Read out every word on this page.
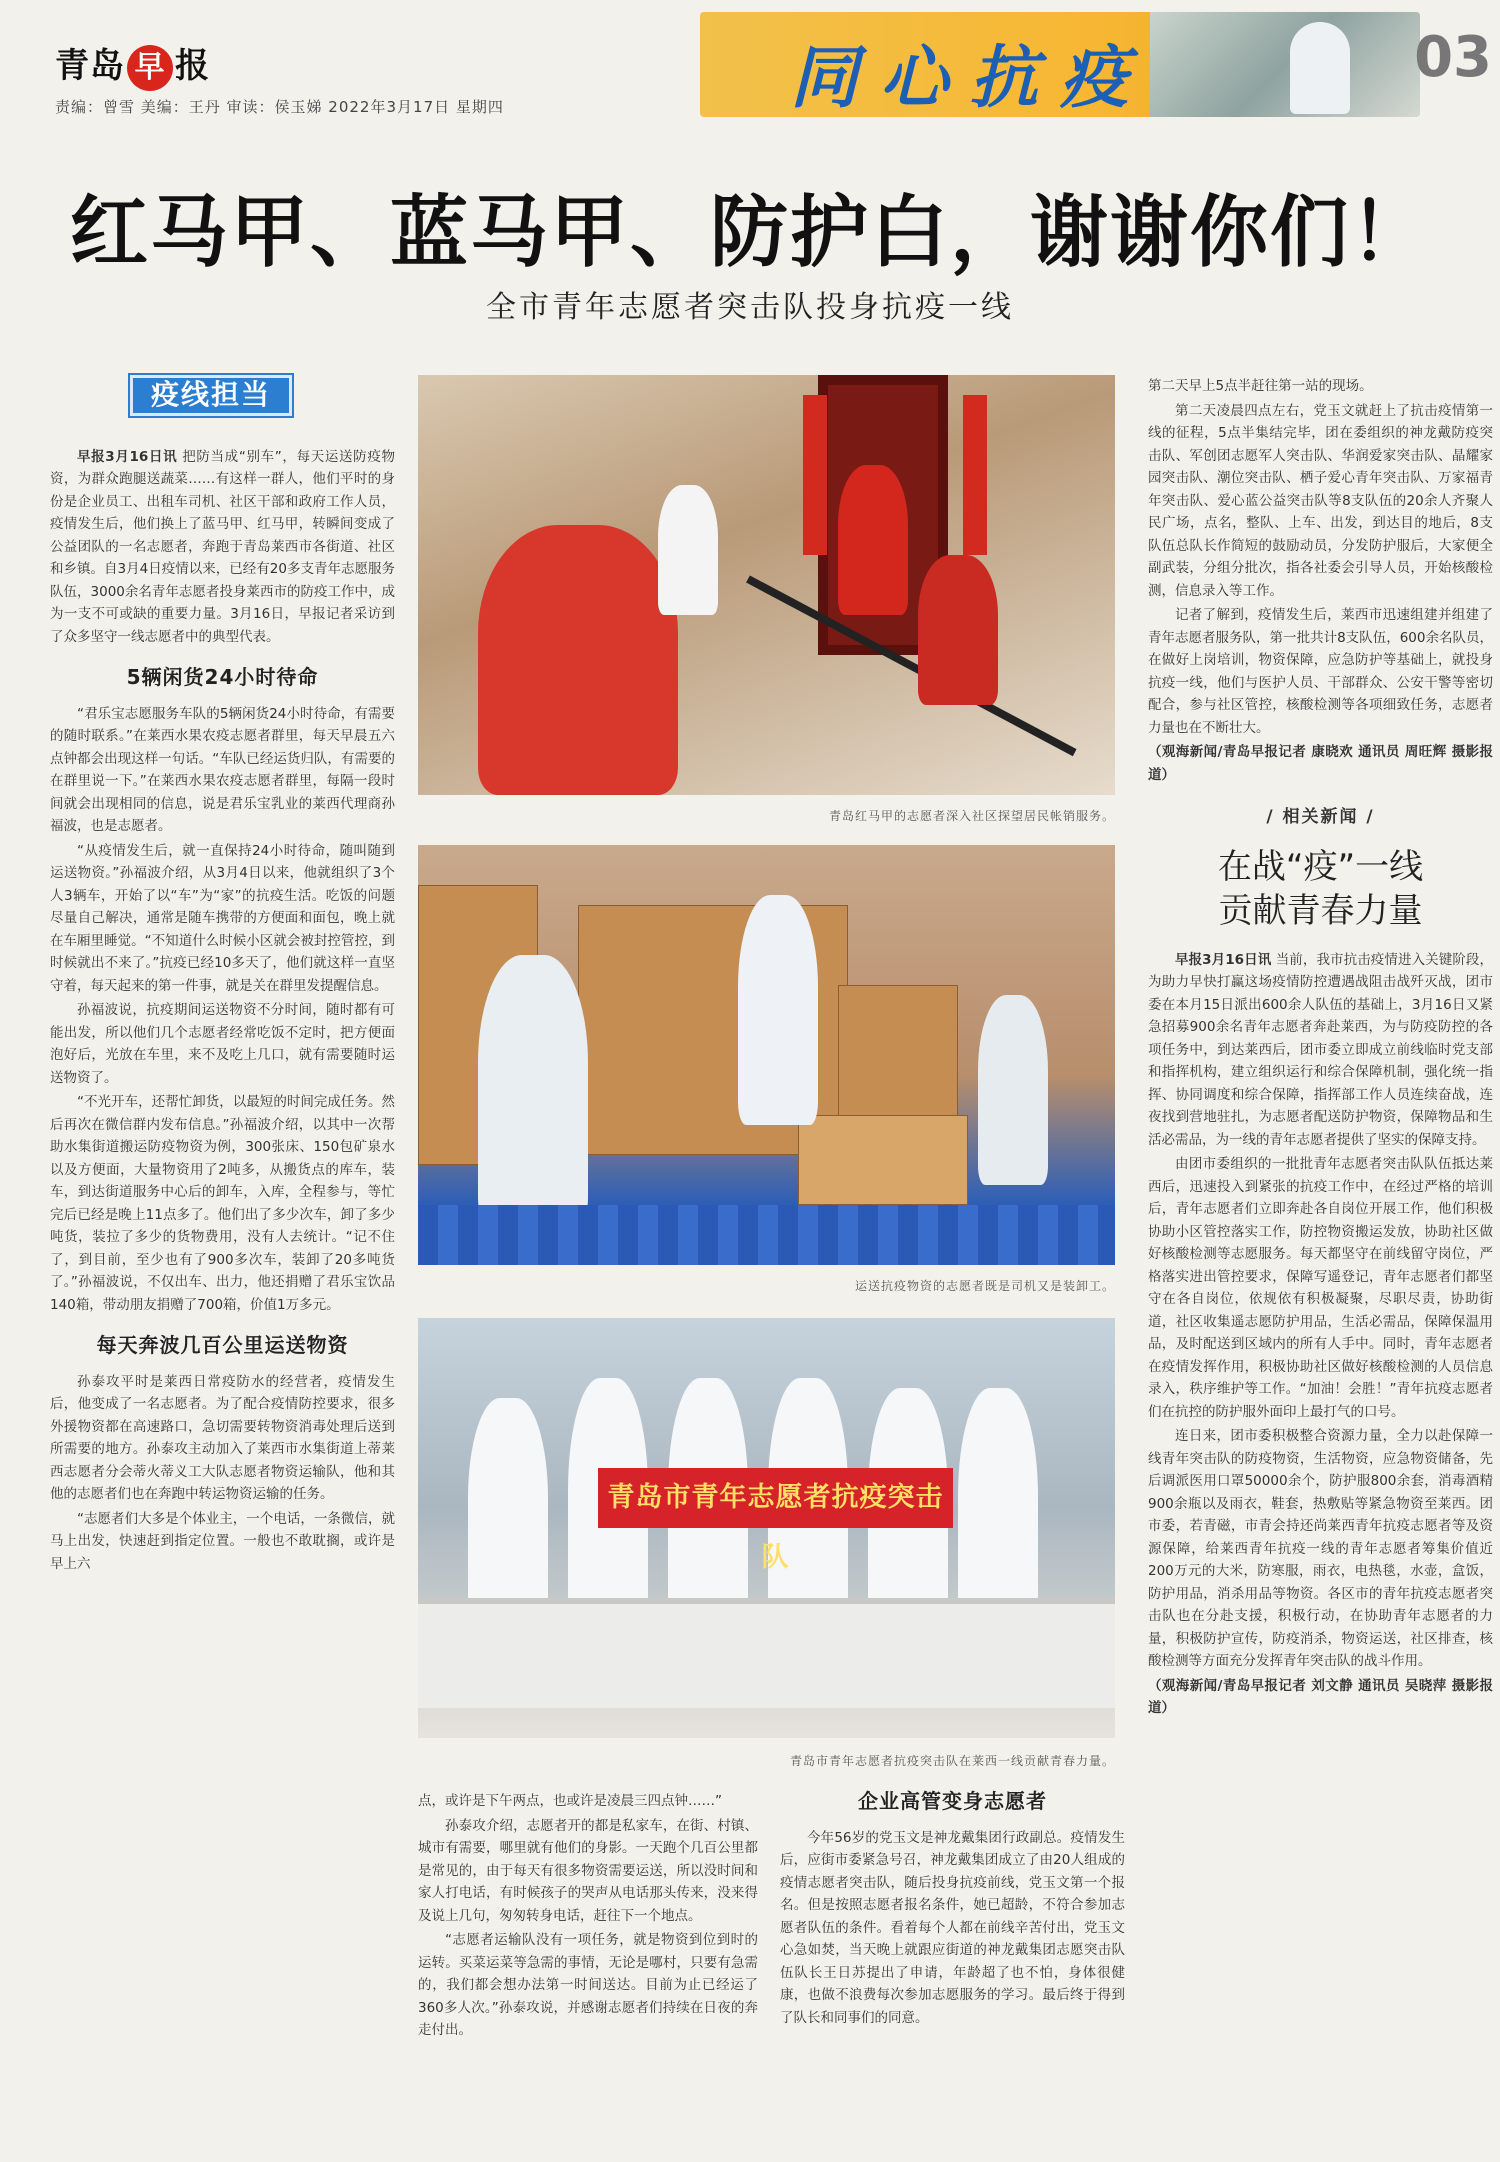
青岛 早 报
责编：曾雪 美编：王丹 审读：侯玉娣 2022年3月17日 星期四	同心抗疫	03
红马甲、蓝马甲、防护白，谢谢你们！
全市青年志愿者突击队投身抗疫一线
疫线担当

早报3月16日讯 把防当成“别车”，每天运送防疫物资，为群众跑腿送蔬菜……有这样一群人，他们平时的身份是企业员工、出租车司机、社区干部和政府工作人员，疫情发生后，他们换上了蓝马甲、红马甲，转瞬间变成了公益团队的一名志愿者，奔跑于青岛莱西市各街道、社区和乡镇。自3月4日疫情以来，已经有20多支青年志愿服务队伍，3000余名青年志愿者投身莱西市的防疫工作中，成为一支不可或缺的重要力量。3月16日，早报记者采访到了众多坚守一线志愿者中的典型代表。

5辆闲货24小时待命

“君乐宝志愿服务车队的5辆闲货24小时待命，有需要的随时联系。”在莱西水果农疫志愿者群里，每天早晨五六点钟都会出现这样一句话。“车队已经运货归队，有需要的在群里说一下。”在莱西水果农疫志愿者群里，每隔一段时间就会出现相同的信息，说是君乐宝乳业的莱西代理商孙福波，也是志愿者。

“从疫情发生后，就一直保持24小时待命，随叫随到运送物资。”孙福波介绍，从3月4日以来，他就组织了3个人3辆车，开始了以“车”为“家”的抗疫生活。吃饭的问题尽量自己解决，通常是随车携带的方便面和面包，晚上就在车厢里睡觉。“不知道什么时候小区就会被封控管控，到时候就出不来了。”抗疫已经10多天了，他们就这样一直坚守着，每天起来的第一件事，就是关在群里发提醒信息。

孙福波说，抗疫期间运送物资不分时间，随时都有可能出发，所以他们几个志愿者经常吃饭不定时，把方便面泡好后，光放在车里，来不及吃上几口，就有需要随时运送物资了。

“不光开车，还帮忙卸货，以最短的时间完成任务。然后再次在微信群内发布信息。”孙福波介绍，以其中一次帮助水集街道搬运防疫物资为例，300张床、150包矿泉水以及方便面，大量物资用了2吨多，从搬货点的库车，装车，到达街道服务中心后的卸车，入库，全程参与，等忙完后已经是晚上11点多了。他们出了多少次车，卸了多少吨货，装拉了多少的货物费用，没有人去统计。“记不住了，到目前，至少也有了900多次车，装卸了20多吨货了。”孙福波说，不仅出车、出力，他还捐赠了君乐宝饮品140箱，带动朋友捐赠了700箱，价值1万多元。

每天奔波几百公里运送物资

孙泰攻平时是莱西日常疫防水的经营者，疫情发生后，他变成了一名志愿者。为了配合疫情防控要求，很多外援物资都在高速路口，急切需要转物资消毒处理后送到所需要的地方。孙泰攻主动加入了莱西市水集街道上蒂莱西志愿者分会蒂火蒂义工大队志愿者物资运输队，他和其他的志愿者们也在奔跑中转运物资运输的任务。

“志愿者们大多是个体业主，一个电话，一条微信，就马上出发，快速赶到指定位置。一般也不敢耽搁，或许是早上六

青岛红马甲的志愿者深入社区探望居民帐销服务。
运送抗疫物资的志愿者既是司机又是装卸工。
青岛市青年志愿者抗疫突击队
青岛市青年志愿者抗疫突击队在莱西一线贡献青春力量。

点，或许是下午两点，也或许是凌晨三四点钟……”

孙泰攻介绍，志愿者开的都是私家车，在街、村镇、城市有需要，哪里就有他们的身影。一天跑个几百公里都是常见的，由于每天有很多物资需要运送，所以没时间和家人打电话，有时候孩子的哭声从电话那头传来，没来得及说上几句，匆匆转身电话，赶往下一个地点。

“志愿者运输队没有一项任务，就是物资到位到时的运转。买菜运菜等急需的事情，无论是哪村，只要有急需的，我们都会想办法第一时间送达。目前为止已经运了360多人次。”孙泰攻说，并感谢志愿者们持续在日夜的奔走付出。

企业高管变身志愿者

今年56岁的党玉文是神龙戴集团行政副总。疫情发生后，应街市委紧急号召，神龙戴集团成立了由20人组成的疫情志愿者突击队，随后投身抗疫前线，党玉文第一个报名。但是按照志愿者报名条件，她已超龄，不符合参加志愿者队伍的条件。看着每个人都在前线辛苦付出，党玉文心急如焚，当天晚上就跟应街道的神龙戴集团志愿突击队伍队长王日苏提出了申请，年龄超了也不怕，身体很健康，也做不浪费每次参加志愿服务的学习。最后终于得到了队长和同事们的同意。

第二天早上5点半赶往第一站的现场。

第二天凌晨四点左右，党玉文就赶上了抗击疫情第一线的征程，5点半集结完毕，团在委组织的神龙戴防疫突击队、军创团志愿军人突击队、华润爱家突击队、晶耀家园突击队、潮位突击队、栖子爱心青年突击队、万家福青年突击队、爱心蓝公益突击队等8支队伍的20余人齐聚人民广场，点名，整队、上车、出发，到达目的地后，8支队伍总队长作简短的鼓励动员，分发防护服后，大家便全副武装，分组分批次，指各社委会引导人员，开始核酸检测，信息录入等工作。

记者了解到，疫情发生后，莱西市迅速组建并组建了青年志愿者服务队，第一批共计8支队伍，600余名队员，在做好上岗培训，物资保障，应急防护等基础上，就投身抗疫一线，他们与医护人员、干部群众、公安干警等密切配合，参与社区管控，核酸检测等各项细致任务，志愿者力量也在不断壮大。

（观海新闻/青岛早报记者 康晓欢 通讯员 周旺辉 摄影报道）

/ 相关新闻 /
在战“疫”一线
贡献青春力量

早报3月16日讯 当前，我市抗击疫情进入关键阶段，为助力早快打赢这场疫情防控遭遇战阻击战歼灭战，团市委在本月15日派出600余人队伍的基础上，3月16日又紧急招募900余名青年志愿者奔赴莱西，为与防疫防控的各项任务中，到达莱西后，团市委立即成立前线临时党支部和指挥机构，建立组织运行和综合保障机制，强化统一指挥、协同调度和综合保障，指挥部工作人员连续奋战，连夜找到营地驻扎，为志愿者配送防护物资，保障物品和生活必需品，为一线的青年志愿者提供了坚实的保障支持。

由团市委组织的一批批青年志愿者突击队队伍抵达莱西后，迅速投入到紧张的抗疫工作中，在经过严格的培训后，青年志愿者们立即奔赴各自岗位开展工作，他们积极协助小区管控落实工作，防控物资搬运发放，协助社区做好核酸检测等志愿服务。每天都坚守在前线留守岗位，严格落实进出管控要求，保障写遥登记，青年志愿者们都坚守在各自岗位，依规依有积极凝聚，尽职尽责，协助街道，社区收集遥志愿防护用品，生活必需品，保障保温用品，及时配送到区域内的所有人手中。同时，青年志愿者在疫情发挥作用，积极协助社区做好核酸检测的人员信息录入，秩序维护等工作。“加油！会胜！”青年抗疫志愿者们在抗控的防护服外面印上最打气的口号。

连日来，团市委积极整合资源力量，全力以赴保障一线青年突击队的防疫物资，生活物资，应急物资储备，先后调派医用口罩50000余个，防护服800余套，消毒酒精900余瓶以及雨衣，鞋套，热敷贴等紧急物资至莱西。团市委，若青磁，市青会持还尚莱西青年抗疫志愿者等及资源保障，给莱西青年抗疫一线的青年志愿者筹集价值近200万元的大米，防寒服，雨衣，电热毯，水壶，盒饭，防护用品，消杀用品等物资。各区市的青年抗疫志愿者突击队也在分赴支援，积极行动，在协助青年志愿者的力量，积极防护宣传，防疫消杀，物资运送，社区排查，核酸检测等方面充分发挥青年突击队的战斗作用。

（观海新闻/青岛早报记者 刘文静 通讯员 吴晓萍 摄影报道）
